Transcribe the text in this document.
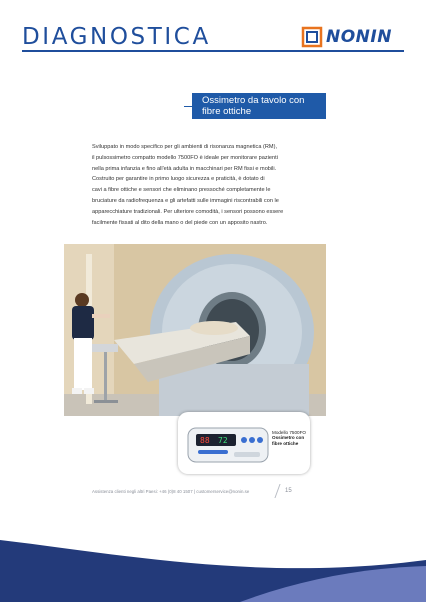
DIAGNOSTICA	NONIN
Ossimetro da tavolo con
fibre ottiche
Sviluppato in modo specifico per gli ambienti di risonanza magnetica (RM),
il pulsossimetro compatto modello 7500FO è ideale per monitorare pazienti
nella prima infanzia e fino all'età adulta in macchinari per RM fissi e mobili.
Costruito per garantire in primo luogo sicurezza e praticità, è dotato di
cavi a fibre ottiche e sensori che eliminano pressoché completamente le
bruciature da radiofrequenza e gli artefatti sulle immagini riscontrabili con le
apparecchiature tradizionali. Per ulteriore comodità, i sensori possono essere
facilmente fissati al dito della mano o del piede con un apposito nastro.
88 72
Modello 7500FO
Ossimetro con
fibre ottiche
Assistenza clienti negli altri Paesi: +46 (0)8 40 1507 | customerservice@nonin.se	15
